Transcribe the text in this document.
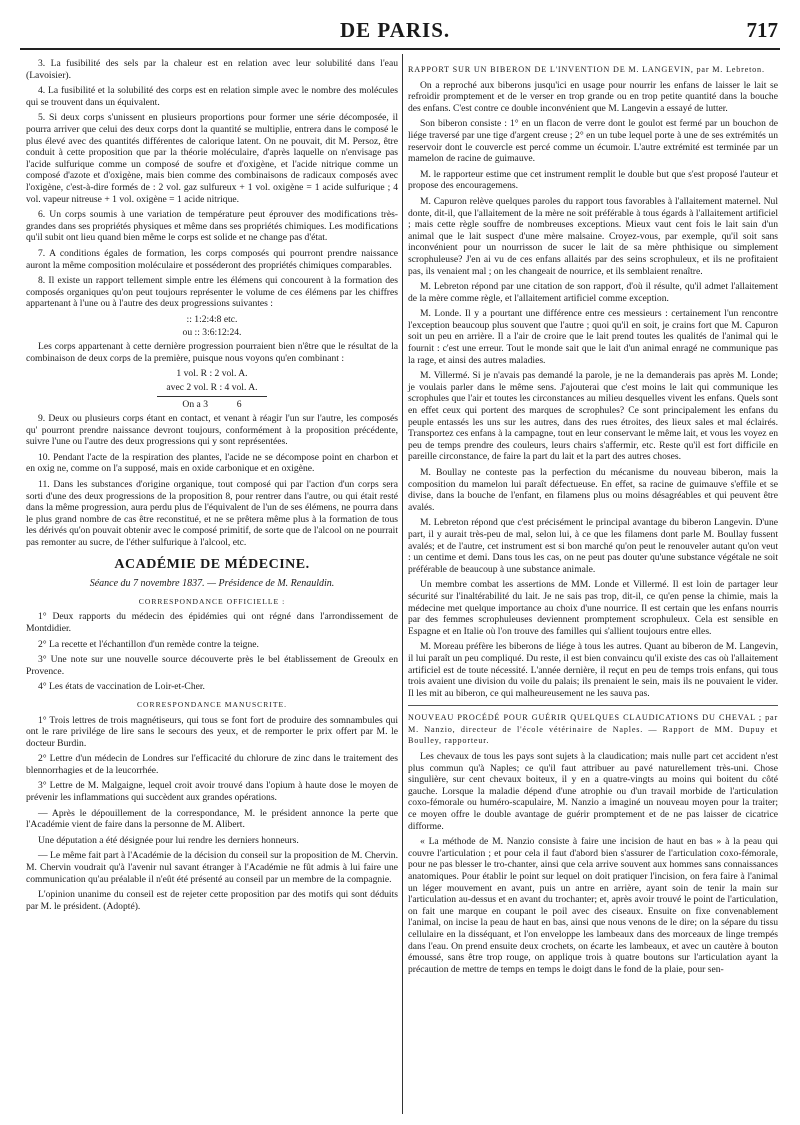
DE PARIS.	717

3. La fusibilité des sels par la chaleur est en relation avec leur solubilité dans l'eau (Lavoisier).

4. La fusibilité et la solubilité des corps est en relation simple avec le nombre des molécules qui se trouvent dans un équivalent.

5. Si deux corps s'unissent en plusieurs proportions pour former une série décomposée, il pourra arriver que celui des deux corps dont la quantité se multiplie, entrera dans le composé le plus élevé avec des quantités différentes de calorique latent. On ne pouvait, dit M. Persoz, être conduit à cette proposition que par la théorie moléculaire, d'après laquelle on n'envisage pas l'acide sulfurique comme un composé de soufre et d'oxigène, et l'acide nitrique comme un composé d'azote et d'oxigène, mais bien comme des combinaisons de radicaux composés avec l'oxigène, c'est-à-dire formés de : 2 vol. gaz sulfureux + 1 vol. oxigène = 1 acide sulfurique ; 4 vol. vapeur nitreuse + 1 vol. oxigène = 1 acide nitrique.

6. Un corps soumis à une variation de température peut éprouver des modifications très-grandes dans ses propriétés physiques et même dans ses propriétés chimiques. Les modifications qu'il subit ont lieu quand bien même le corps est solide et ne change pas d'état.

7. A conditions égales de formation, les corps composés qui pourront prendre naissance auront la même composition moléculaire et posséderont des propriétés chimiques comparables.

8. Il existe un rapport tellement simple entre les élémens qui concourent à la formation des composés organiques qu'on peut toujours représenter le volume de ces élémens par les chiffres appartenant à l'une ou à l'autre des deux progressions suivantes :

:: 1:2:4:8 etc.

ou :: 3:6:12:24.

Les corps appartenant à cette dernière progression pourraient bien n'être que le résultat de la combinaison de deux corps de la première, puisque nous voyons qu'en combinant :

1 vol. R : 2 vol. A.

avec 2 vol. R : 4 vol. A.

On a 3	6

9. Deux ou plusieurs corps étant en contact, et venant à réagir l'un sur l'autre, les composés qu' pourront prendre naissance devront toujours, conformément à la proposition précédente, suivre l'une ou l'autre des deux progressions qui y sont représentées.

10. Pendant l'acte de la respiration des plantes, l'acide ne se décompose point en charbon et en oxig ne, comme on l'a supposé, mais en oxide carbonique et en oxigène.

11. Dans les substances d'origine organique, tout composé qui par l'action d'un corps sera sorti d'une des deux progressions de la proposition 8, pour rentrer dans l'autre, ou qui était resté dans la même progression, aura perdu plus de l'équivalent de l'un de ses élémens, ne pourra dans le plus grand nombre de cas être reconstitué, et ne se prêtera même plus à la formation de tous les dérivés qu'on pouvait obtenir avec le composé primitif, de sorte que de l'alcool on ne pourrait pas remonter au sucre, de l'éther sulfurique à l'alcool, etc.

ACADÉMIE DE MÉDECINE.
Séance du 7 novembre 1837. — Présidence de M. Renauldin.
CORRESPONDANCE OFFICIELLE :

1° Deux rapports du médecin des épidémies qui ont régné dans l'arrondissement de Montdidier.

2° La recette et l'échantillon d'un remède contre la teigne.

3° Une note sur une nouvelle source découverte près le bel établissement de Greoulx en Provence.

4° Les états de vaccination de Loir-et-Cher.

CORRESPONDANCE MANUSCRITE.

1° Trois lettres de trois magnétiseurs, qui tous se font fort de produire des somnambules qui ont le rare privilége de lire sans le secours des yeux, et de remporter le prix offert par M. le docteur Burdin.

2° Lettre d'un médecin de Londres sur l'efficacité du chlorure de zinc dans le traitement des blennorrhagies et de la leucorrhée.

3° Lettre de M. Malgaigne, lequel croit avoir trouvé dans l'opium à haute dose le moyen de prévenir les inflammations qui succèdent aux grandes opérations.

— Après le dépouillement de la correspondance, M. le président annonce la perte que l'Académie vient de faire dans la personne de M. Alibert.

Une députation a été désignée pour lui rendre les derniers honneurs.

— Le même fait part à l'Académie de la décision du conseil sur la proposition de M. Chervin. M. Chervin voudrait qu'à l'avenir nul savant étranger à l'Académie ne fût admis à lui faire une communication qu'au préalable il n'eût été présenté au conseil par un membre de la compagnie.

L'opinion unanime du conseil est de rejeter cette proposition par des motifs qui sont déduits par M. le président. (Adopté).

RAPPORT SUR UN BIBERON DE L'INVENTION DE M. LANGEVIN, par M. Lebreton.

On a reproché aux biberons jusqu'ici en usage pour nourrir les enfans de laisser le lait se refroidir promptement et de le verser en trop grande ou en trop petite quantité dans la bouche des enfans. C'est contre ce double inconvénient que M. Langevin a essayé de lutter.

Son biberon consiste : 1° en un flacon de verre dont le goulot est fermé par un bouchon de liége traversé par une tige d'argent creuse ; 2° en un tube lequel porte à une de ses extrémités un reservoir dont le couvercle est percé comme un écumoir. L'autre extrémité est terminée par un mamelon de racine de guimauve.

M. le rapporteur estime que cet instrument remplit le double but que s'est proposé l'auteur et propose des encouragemens.

M. Capuron relève quelques paroles du rapport tous favorables à l'allaitement maternel. Nul donte, dit-il, que l'allaitement de la mère ne soit préférable à tous égards à l'allaitement artificiel ; mais cette règle souffre de nombreuses exceptions. Mieux vaut cent fois le lait sain d'un animal que le lait suspect d'une mère malsaine. Croyez-vous, par exemple, qu'il soit sans inconvénient pour un nourrisson de sucer le lait de sa mère phthisique ou simplement scrophuleuse? J'en ai vu de ces enfans allaités par des seins scrophuleux, et ils ne profitaient pas, ils venaient mal ; on les changeait de nourrice, et ils semblaient renaître.

M. Lebreton répond par une citation de son rapport, d'où il résulte, qu'il admet l'allaitement de la mère comme règle, et l'allaitement artificiel comme exception.

M. Londe. Il y a pourtant une différence entre ces messieurs : certainement l'un rencontre l'exception beaucoup plus souvent que l'autre ; quoi qu'il en soit, je crains fort que M. Capuron soit un peu en arrière. Il a l'air de croire que le lait prend toutes les qualités de l'animal qui le fournit : c'est une erreur. Tout le monde sait que le lait d'un animal enragé ne communique pas la rage, et ainsi des autres maladies.

M. Villermé. Si je n'avais pas demandé la parole, je ne la demanderais pas après M. Londe; je voulais parler dans le même sens. J'ajouterai que c'est moins le lait qui communique les scrophules que l'air et toutes les circonstances au milieu desquelles vivent les enfans. Quels sont en effet ceux qui portent des marques de scrophules? Ce sont principalement les enfans du peuple entassés les uns sur les autres, dans des rues étroites, des lieux sales et mal éclairés. Transportez ces enfans à la campagne, tout en leur conservant le même lait, et vous les voyez en peu de temps prendre des couleurs, leurs chairs s'affermir, etc. Reste qu'il est fort difficile en pareille circonstance, de faire la part du lait et la part des autres choses.

M. Boullay ne conteste pas la perfection du mécanisme du nouveau biberon, mais la composition du mamelon lui paraît défectueuse. En effet, sa racine de guimauve s'effile et se divise, dans la bouche de l'enfant, en filamens plus ou moins désagréables et qui peuvent être avalés.

M. Lebreton répond que c'est précisément le principal avantage du biberon Langevin. D'une part, il y aurait très-peu de mal, selon lui, à ce que les filamens dont parle M. Boullay fussent avalés; et de l'autre, cet instrument est si bon marché qu'on peut le renouveler autant qu'on veut : un centime et demi. Dans tous les cas, on ne peut pas douter qu'une substance végétale ne soit préférable de beaucoup à une substance animale.

Un membre combat les assertions de MM. Londe et Villermé. Il est loin de partager leur sécurité sur l'inaltérabilité du lait. Je ne sais pas trop, dit-il, ce qu'en pense la chimie, mais la médecine met quelque importance au choix d'une nourrice. Il est certain que les enfans nourris par des femmes scrophuleuses deviennent promptement scrophuleux. Cela est sensible en Espagne et en Italie où l'on trouve des familles qui s'allient toujours entre elles.

M. Moreau préfère les biberons de liége à tous les autres. Quant au biberon de M. Langevin, il lui paraît un peu compliqué. Du reste, il est bien convaincu qu'il existe des cas où l'allaitement artificiel est de toute nécessité. L'année dernière, il reçut en peu de temps trois enfans, qui tous trois avaient une division du voile du palais; ils prenaient le sein, mais ils ne pouvaient le vider. Il les mit au biberon, ce qui malheureusement ne les sauva pas.

NOUVEAU PROCÉDÉ POUR GUÉRIR QUELQUES CLAUDICATIONS DU CHEVAL ; par M. Nanzio, directeur de l'école vétérinaire de Naples. — Rapport de MM. Dupuy et Boulley, rapporteur.

Les chevaux de tous les pays sont sujets à la claudication; mais nulle part cet accident n'est plus commun qu'à Naples; ce qu'il faut attribuer au pavé naturellement très-uni. Chose singulière, sur cent chevaux boiteux, il y en a quatre-vingts au moins qui boitent du côté gauche. Lorsque la maladie dépend d'une atrophie ou d'un travail morbide de l'articulation coxo-fémorale ou huméro-scapulaire, M. Nanzio a imaginé un nouveau moyen pour la traiter; ce moyen offre le double avantage de guérir promptement et de ne pas laisser de cicatrice difforme.

« La méthode de M. Nanzio consiste à faire une incision de haut en bas » à la peau qui couvre l'articulation ; et pour cela il faut d'abord bien s'assurer de l'articulation coxo-fémorale, pour ne pas blesser le tro-chanter, ainsi que cela arrive souvent aux hommes sans connaissances anatomiques. Pour établir le point sur lequel on doit pratiquer l'incision, on fera faire à l'animal un léger mouvement en avant, puis un antre en arrière, ayant soin de tenir la main sur l'articulation au-dessus et en avant du trochanter; et, après avoir trouvé le point de l'articulation, on fait une marque en coupant le poil avec des ciseaux. Ensuite on fixe convenablement l'animal, on incise la peau de haut en bas, ainsi que nous venons de le dire; on la sépare du tissu cellulaire en la disséquant, et l'on enveloppe les lambeaux dans des morceaux de linge trempés dans l'eau. On prend ensuite deux crochets, on écarte les lambeaux, et avec un cautère à bouton émoussé, sans être trop rouge, on applique trois à quatre boutons sur l'articulation ayant la précaution de mettre de temps en temps le doigt dans le fond de la plaie, pour sen-
